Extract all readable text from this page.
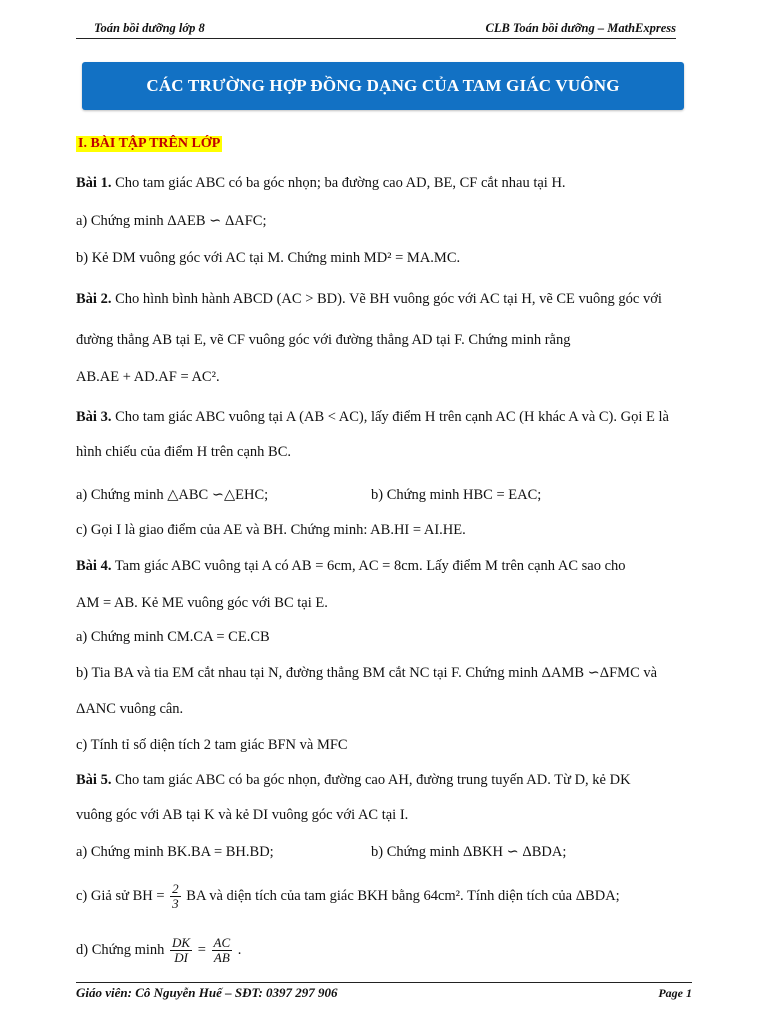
Toán bồi dưỡng lớp 8	CLB Toán bồi dưỡng – MathExpress
CÁC TRƯỜNG HỢP ĐỒNG DẠNG CỦA TAM GIÁC VUÔNG
I. BÀI TẬP TRÊN LỚP
Bài 1. Cho tam giác ABC có ba góc nhọn; ba đường cao AD, BE, CF cắt nhau tại H.
a) Chứng minh ΔAEB ∽ ΔAFC;
b) Kẻ DM vuông góc với AC tại M. Chứng minh MD² = MA.MC.
Bài 2. Cho hình bình hành ABCD (AC > BD). Vẽ BH vuông góc với AC tại H, vẽ CE vuông góc với
đường thẳng AB tại E, vẽ CF vuông góc với đường thẳng AD tại F. Chứng minh rằng
AB.AE + AD.AF = AC².
Bài 3. Cho tam giác ABC vuông tại A (AB < AC), lấy điểm H trên cạnh AC (H khác A và C). Gọi E là
hình chiếu của điểm H trên cạnh BC.
a) Chứng minh △ABC ∽△EHC;	b) Chứng minh HBC = EAC;
c) Gọi I là giao điểm của AE và BH. Chứng minh: AB.HI = AI.HE.
Bài 4. Tam giác ABC vuông tại A có AB = 6cm, AC = 8cm. Lấy điểm M trên cạnh AC sao cho
AM = AB. Kẻ ME vuông góc với BC tại E.
a) Chứng minh CM.CA = CE.CB
b) Tia BA và tia EM cắt nhau tại N, đường thẳng BM cắt NC tại F. Chứng minh ΔAMB ∽ΔFMC và
ΔANC vuông cân.
c) Tính tỉ số diện tích 2 tam giác BFN và MFC
Bài 5. Cho tam giác ABC có ba góc nhọn, đường cao AH, đường trung tuyến AD. Từ D, kẻ DK
vuông góc với AB tại K và kẻ DI vuông góc với AC tại I.
a) Chứng minh BK.BA = BH.BD;	b) Chứng minh ΔBKH ∽ ΔBDA;
c) Giả sử BH = $\frac{2}{3}$ BA và diện tích của tam giác BKH bằng 64cm². Tính diện tích của ΔBDA;
d) Chứng minh $\frac{DK}{DI} = \frac{AC}{AB}$ .
Giáo viên: Cô Nguyễn Huế – SĐT: 0397 297 906	Page 1
